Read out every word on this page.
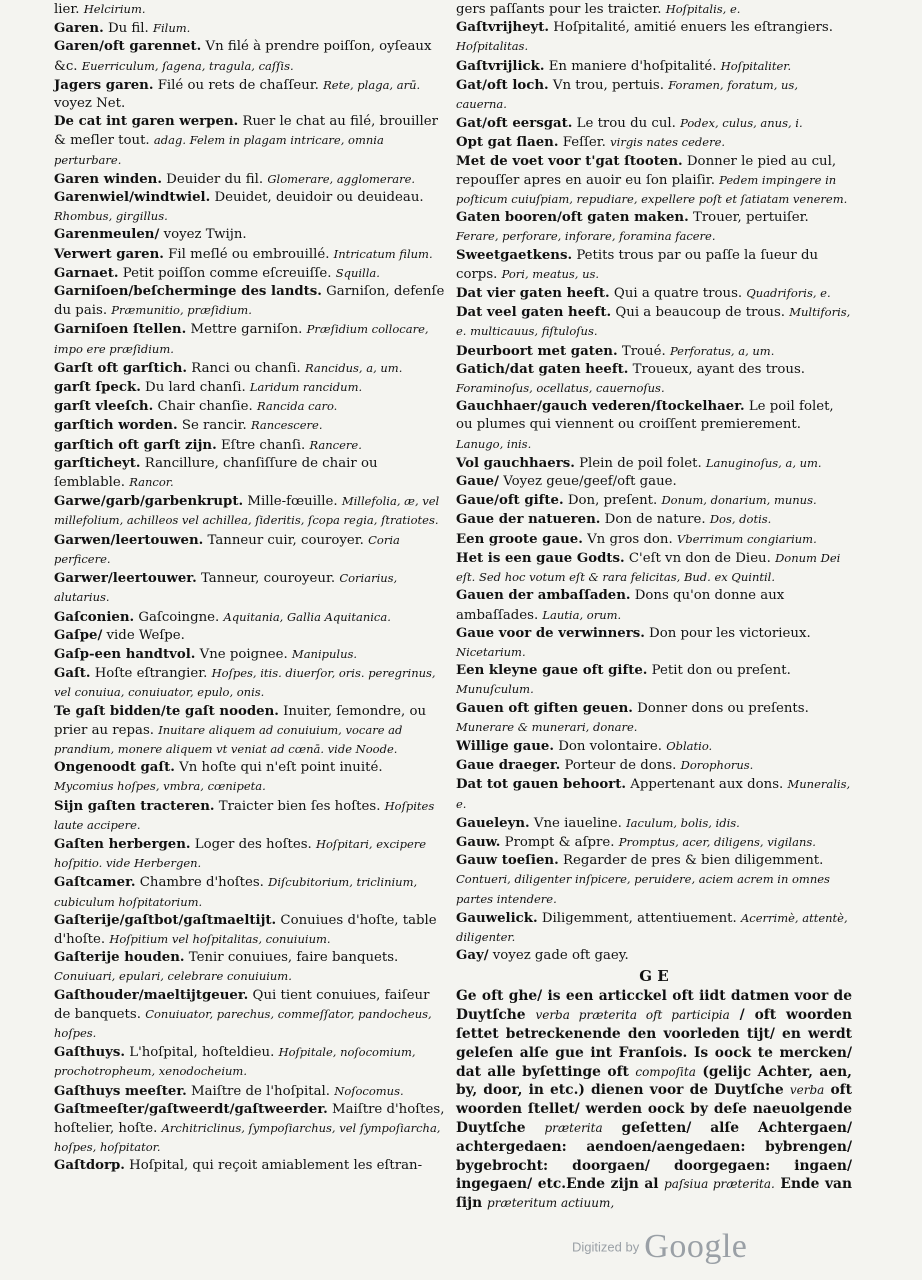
lier. Helcirium.
Garen. Du fil. Filum.
Garen/oft garennet. Vn filé à prendre poiſſon, oyſeaux &c. Euerriculum, ſagena, tragula, caſſis.
Jagers garen. Filé ou rets de chaſſeur. Rete, plaga, arū.
voyez Net.
De cat int garen werpen. Ruer le chat au filé, brouiller & meſler tout. adag. Felem in plagam intricare, omnia perturbare.
Garen winden. Deuider du fil. Glomerare, agglomerare.
Garenwiel/windtwiel. Deuidet, deuidoir ou deuideau. Rhombus, girgillus.
Garenmeulen/ voyez Twijn.
Verwert garen. Fil meſlé ou embrouillé. Intricatum filum.
Garnaet. Petit poiſſon comme eſcreuiſſe. Squilla.
Garniſoen/beſcherminge des landts. Garniſon, defenſe du pais. Præmunitio, præſidium.
Garniſoen ſtellen. Mettre garniſon. Præſidium collocare, impo ere præſidium.
Garſt oft garſtich. Ranci ou chanſi. Rancidus, a, um.
garſt ſpeck. Du lard chanſi. Laridum rancidum.
garſt vleeſch. Chair chanſie. Rancida caro.
garſtich worden. Se rancir. Rancescere.
garſtich oft garſt zijn. Eſtre chanſi. Rancere.
garſticheyt. Rancillure, chanſiſſure de chair ou ſemblable. Rancor.
Garwe/garb/garbenkrupt. Mille-fœuille. Millefolia, æ, vel millefolium, achilleos vel achillea, ſideritis, ſcopa regia, ſtratiotes.
Garwen/leertouwen. Tanneur cuir, couroyer. Coria perficere.
Garwer/leertouwer. Tanneur, couroyeur. Coriarius, alutarius.
Gaſconien. Gaſcoingne. Aquitania, Gallia Aquitanica.
Gaſpe/ vide Weſpe.
Gaſp-een handtvol. Vne poignee. Manipulus.
Gaſt. Hoſte eſtrangier. Hoſpes, itis. diuerſor, oris. peregrinus, vel conuiua, conuiuator, epulo, onis.
Te gaſt bidden/te gaſt nooden. Inuiter, ſemondre, ou prier au repas. Inuitare aliquem ad conuiuium, vocare ad prandium, monere aliquem vt veniat ad cœnā. vide Noode.
Ongenoodt gaſt. Vn hoſte qui n'eſt point inuité. Mycomius hoſpes, vmbra, cœnipeta.
Sijn gaſten tracteren. Traicter bien ſes hoſtes. Hoſpites laute accipere.
Gaſten herbergen. Loger des hoſtes. Hoſpitari, excipere hoſpitio. vide Herbergen.
Gaſtcamer. Chambre d'hoſtes. Diſcubitorium, triclinium, cubiculum hoſpitatorium.
Gaſterije/gaſtbot/gaſtmaeltijt. Conuiues d'hoſte, table d'hoſte. Hoſpitium vel hoſpitalitas, conuiuium.
Gaſterije houden. Tenir conuiues, faire banquets. Conuiuari, epulari, celebrare conuiuium.
Gaſthouder/maeltijtgeuer. Qui tient conuiues, faiſeur de banquets. Conuiuator, parechus, commeſſator, pandocheus, hoſpes.
Gaſthuys. L'hoſpital, hoſteldieu. Hoſpitale, noſocomium, prochotropheum, xenodocheium.
Gaſthuys meeſter. Maiſtre de l'hoſpital. Noſocomus.
Gaſtmeeſter/gaſtweerdt/gaſtweerder. Maiſtre d'hoſtes, hoſtelier, hoſte. Architriclinus, ſympoſiarchus, vel ſympoſiarcha, hoſpes, hoſpitator.
Gaſtdorp. Hoſpital, qui reçoit amiablement les eſtran-
gers paſſants pour les traicter. Hoſpitalis, e.
Gaſtvrijheyt. Hoſpitalité, amitié enuers les eſtrangiers. Hoſpitalitas.
Gaſtvrijlick. En maniere d'hoſpitalité. Hoſpitaliter.
Gat/oft loch. Vn trou, pertuis. Foramen, foratum, us, cauerna.
Gat/oft eersgat. Le trou du cul. Podex, culus, anus, i.
Opt gat ſlaen. Feſſer. virgis nates cedere.
Met de voet voor t'gat ſtooten. Donner le pied au cul, repouſſer apres en auoir eu ſon plaiſir. Pedem impingere in poſticum cuiuſpiam, repudiare, expellere poſt et ſatiatam venerem.
Gaten booren/oft gaten maken. Trouer, pertuiſer. Ferare, perforare, inforare, foramina facere.
Sweetgaetkens. Petits trous par ou paſſe la ſueur du corps. Pori, meatus, us.
Dat vier gaten heeft. Qui a quatre trous. Quadriforis, e.
Dat veel gaten heeft. Qui a beaucoup de trous. Multiforis, e. multicauus, fiſtuloſus.
Deurboort met gaten. Troué. Perforatus, a, um.
Gatich/dat gaten heeft. Troueux, ayant des trous. Foraminoſus, ocellatus, cauernoſus.
Gauchhaer/gauch vederen/ſtockelhaer. Le poil folet, ou plumes qui viennent ou croiſſent premierement. Lanugo, inis.
Vol gauchhaers. Plein de poil folet. Lanuginoſus, a, um.
Gaue/ Voyez geue/geef/oft gaue.
Gaue/oft gifte. Don, preſent. Donum, donarium, munus.
Gaue der natueren. Don de nature. Dos, dotis.
Een groote gaue. Vn gros don. Vberrimum congiarium.
Het is een gaue Godts. C'eſt vn don de Dieu. Donum Dei eſt. Sed hoc votum eſt & rara felicitas, Bud. ex Quintil.
Gauen der ambaſſaden. Dons qu'on donne aux ambaſſades. Lautia, orum.
Gaue voor de verwinners. Don pour les victorieux. Nicetarium.
Een kleyne gaue oft gifte. Petit don ou preſent. Munuſculum.
Gauen oft giften geuen. Donner dons ou preſents. Munerare & munerari, donare.
Willige gaue. Don volontaire. Oblatio.
Gaue draeger. Porteur de dons. Dorophorus.
Dat tot gauen behoort. Appertenant aux dons. Muneralis, e.
Gaueleyn. Vne iaueline. Iaculum, bolis, idis.
Gauw. Prompt & aſpre. Promptus, acer, diligens, vigilans.
Gauw toeſien. Regarder de pres & bien diligemment. Contueri, diligenter inſpicere, peruidere, aciem acrem in omnes partes intendere.
Gauwelick. Diligemment, attentiuement. Acerrimè, attentè, diligenter.
Gay/ voyez gade oft gaey.
G E
Ge oft ghe/ is een articckel oft iidt datmen voor de Duytſche verba præterita oft participia / oft woorden ſettet betreckenende den voorleden tijt/ en werdt geleſen alſe gue int Franſois. Is oock te mercken/ dat alle byſettinge oft compoſita (gelijc Achter, aen, by, door, in etc.) dienen voor de Duytſche verba oft woorden ſtellet/ werden oock by deſe naeuolgende Duytſche præterita geſetten/ alſe Achtergaen/ achtergedaen: aendoen/aengedaen: bybrengen/ bygebrocht: doorgaen/ doorgegaen: ingaen/ ingegaen/ etc.Ende zijn al paſsiua præterita. Ende van ſijn præteritum actiuum,
Digitized by Google
